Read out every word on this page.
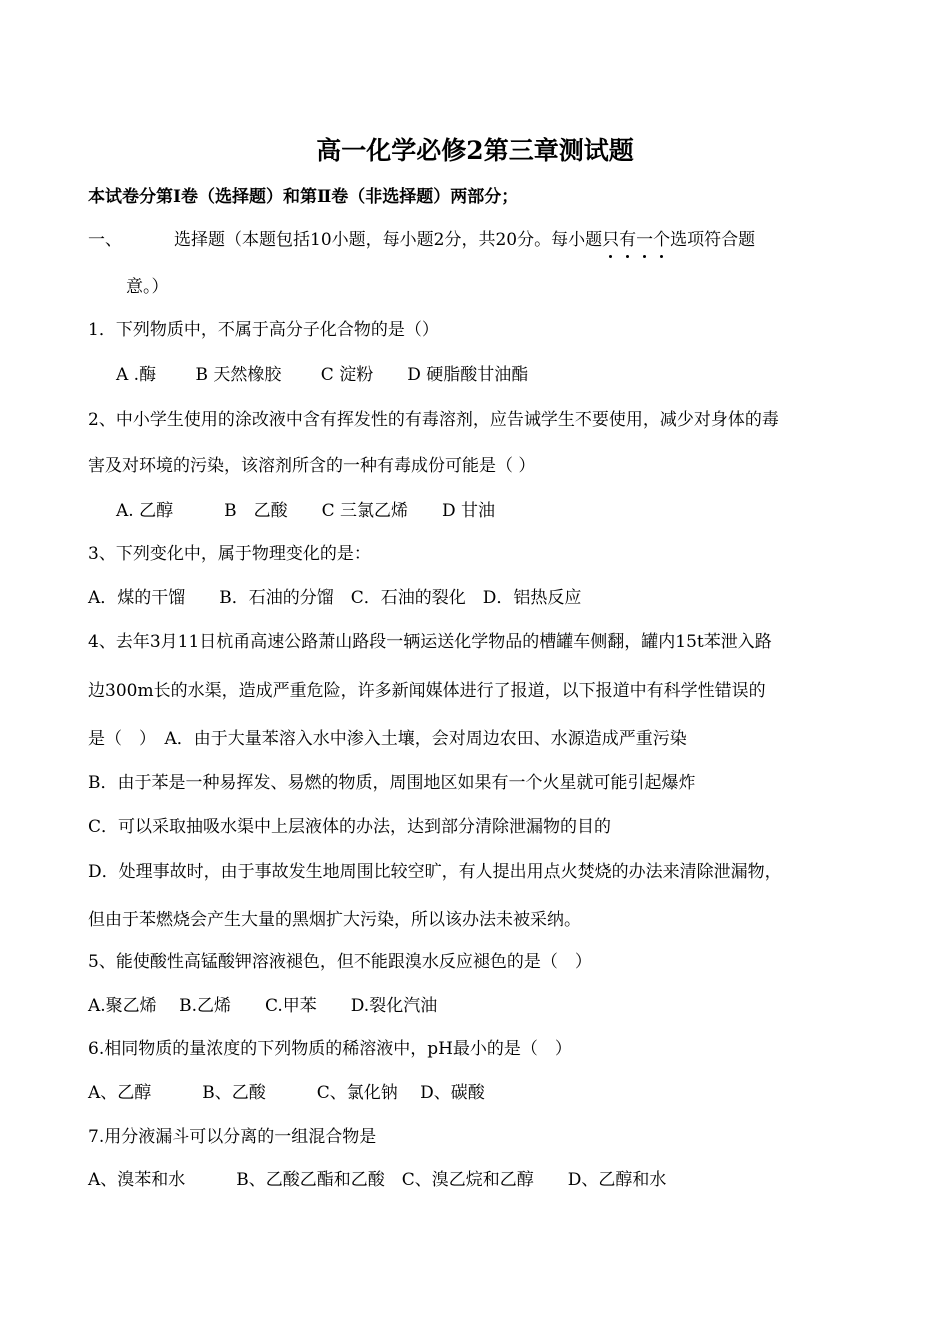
高一化学必修2第三章测试题
本试卷分第Ⅰ卷（选择题）和第Ⅱ卷（非选择题）两部分；
一、	选择题（本题包括10小题，每小题2分，共20分。每小题只有一个选项符合题
意。）
1．下列物质中，不属于高分子化合物的是（）
A .酶　　 B 天然橡胶　　 C 淀粉　　D 硬脂酸甘油酯
2、中小学生使用的涂改液中含有挥发性的有毒溶剂，应告诫学生不要使用，减少对身体的毒
害及对环境的污染，该溶剂所含的一种有毒成份可能是（ ）
A. 乙醇　　　B　乙酸　　C 三氯乙烯　　D 甘油
3、下列变化中，属于物理变化的是：
A．煤的干馏　　B．石油的分馏　C．石油的裂化　D．铝热反应
4、去年3月11日杭甬高速公路萧山路段一辆运送化学物品的槽罐车侧翻，罐内15t苯泄入路
边300m长的水渠，造成严重危险，许多新闻媒体进行了报道，以下报道中有科学性错误的
是（　）　A．由于大量苯溶入水中渗入土壤，会对周边农田、水源造成严重污染
B．由于苯是一种易挥发、易燃的物质，周围地区如果有一个火星就可能引起爆炸
C．可以采取抽吸水渠中上层液体的办法，达到部分清除泄漏物的目的
D．处理事故时，由于事故发生地周围比较空旷，有人提出用点火焚烧的办法来清除泄漏物，
但由于苯燃烧会产生大量的黑烟扩大污染，所以该办法未被采纳。
5、能使酸性高锰酸钾溶液褪色，但不能跟溴水反应褪色的是（　）
A.聚乙烯　 B.乙烯　　C.甲苯　　D.裂化汽油
6.相同物质的量浓度的下列物质的稀溶液中，pH最小的是（　）
A、乙醇　　　B、乙酸　　　C、氯化钠　 D、碳酸
7.用分液漏斗可以分离的一组混合物是
A、溴苯和水　　　B、乙酸乙酯和乙酸　C、溴乙烷和乙醇　　D、乙醇和水
